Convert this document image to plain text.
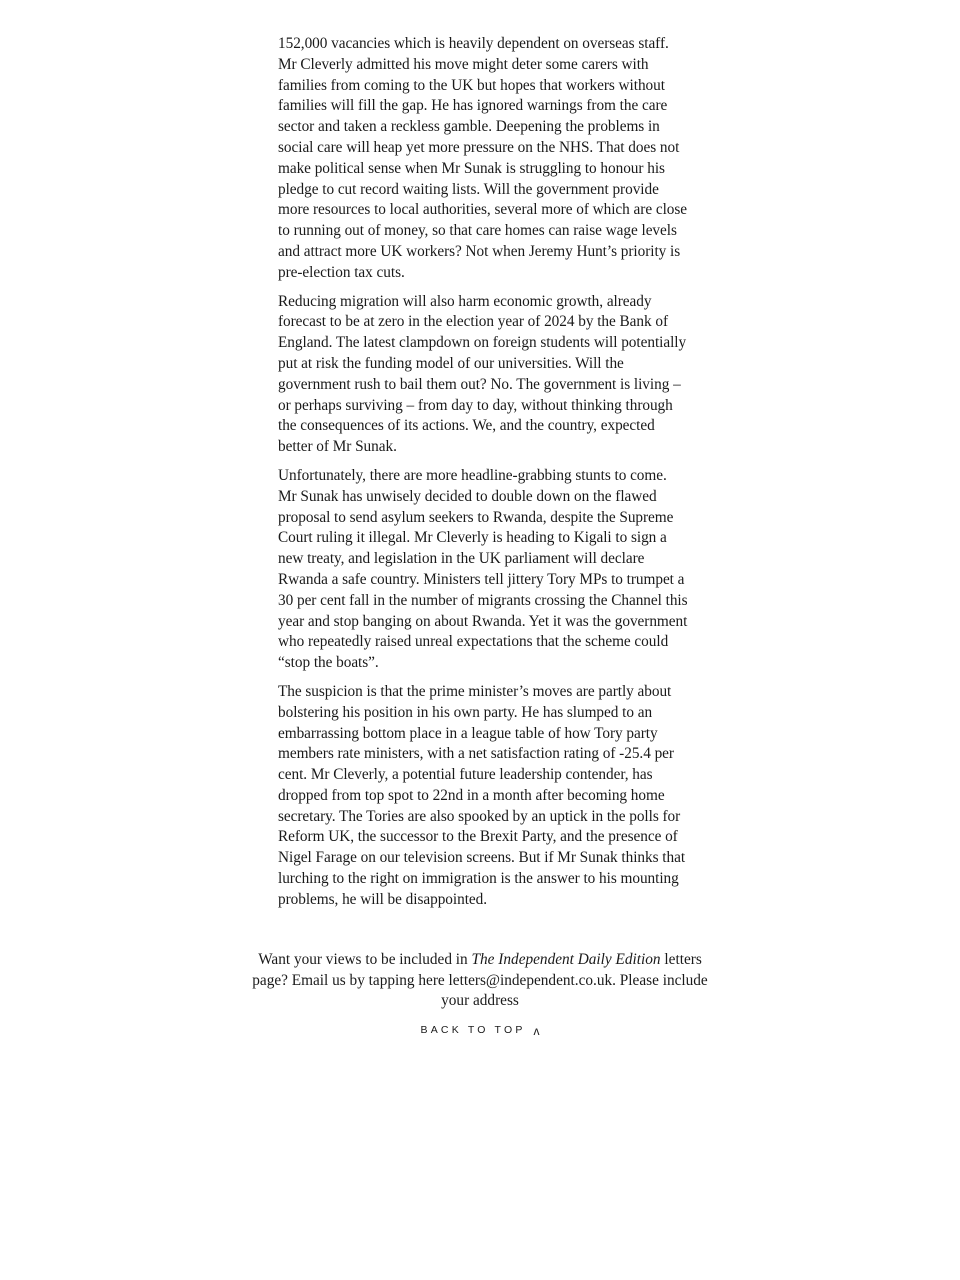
152,000 vacancies which is heavily dependent on overseas staff. Mr Cleverly admitted his move might deter some carers with families from coming to the UK but hopes that workers without families will fill the gap. He has ignored warnings from the care sector and taken a reckless gamble. Deepening the problems in social care will heap yet more pressure on the NHS. That does not make political sense when Mr Sunak is struggling to honour his pledge to cut record waiting lists. Will the government provide more resources to local authorities, several more of which are close to running out of money, so that care homes can raise wage levels and attract more UK workers? Not when Jeremy Hunt’s priority is pre-election tax cuts.

Reducing migration will also harm economic growth, already forecast to be at zero in the election year of 2024 by the Bank of England. The latest clampdown on foreign students will potentially put at risk the funding model of our universities. Will the government rush to bail them out? No. The government is living – or perhaps surviving – from day to day, without thinking through the consequences of its actions. We, and the country, expected better of Mr Sunak.

Unfortunately, there are more headline-grabbing stunts to come. Mr Sunak has unwisely decided to double down on the flawed proposal to send asylum seekers to Rwanda, despite the Supreme Court ruling it illegal. Mr Cleverly is heading to Kigali to sign a new treaty, and legislation in the UK parliament will declare Rwanda a safe country. Ministers tell jittery Tory MPs to trumpet a 30 per cent fall in the number of migrants crossing the Channel this year and stop banging on about Rwanda. Yet it was the government who repeatedly raised unreal expectations that the scheme could “stop the boats”.

The suspicion is that the prime minister’s moves are partly about bolstering his position in his own party. He has slumped to an embarrassing bottom place in a league table of how Tory party members rate ministers, with a net satisfaction rating of -25.4 per cent. Mr Cleverly, a potential future leadership contender, has dropped from top spot to 22nd in a month after becoming home secretary. The Tories are also spooked by an uptick in the polls for Reform UK, the successor to the Brexit Party, and the presence of Nigel Farage on our television screens. But if Mr Sunak thinks that lurching to the right on immigration is the answer to his mounting problems, he will be disappointed.

Want your views to be included in The Independent Daily Edition letters page? Email us by tapping here letters@independent.co.uk. Please include your address
BACK TO TOP ʌ
